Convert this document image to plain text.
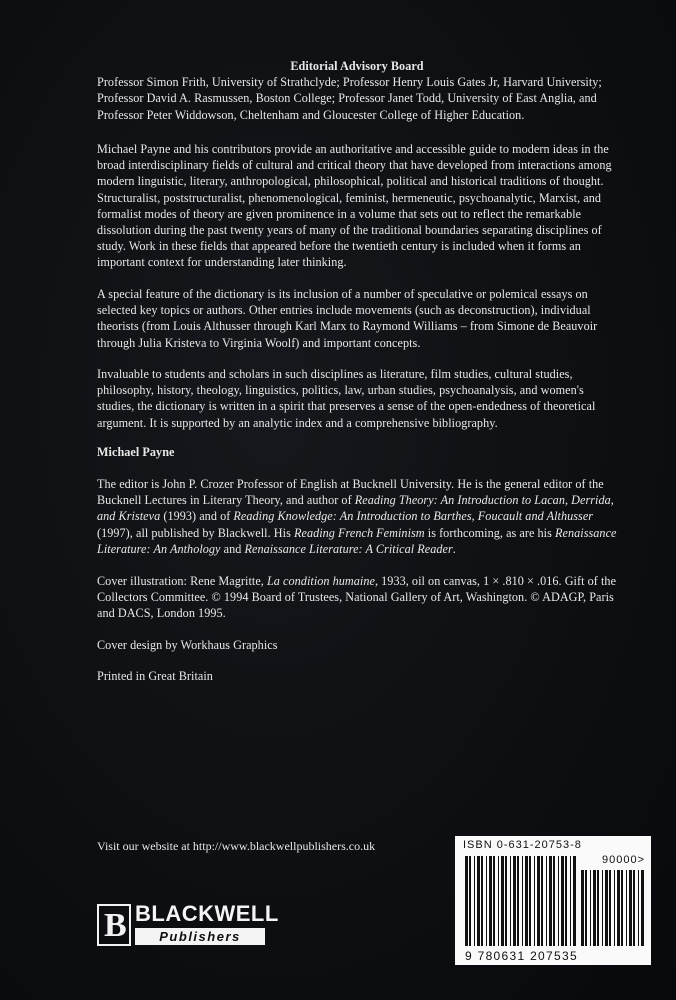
Editorial Advisory Board

Professor Simon Frith, University of Strathclyde; Professor Henry Louis Gates Jr, Harvard University; Professor David A. Rasmussen, Boston College; Professor Janet Todd, University of East Anglia, and Professor Peter Widdowson, Cheltenham and Gloucester College of Higher Education.

Michael Payne and his contributors provide an authoritative and accessible guide to modern ideas in the broad interdisciplinary fields of cultural and critical theory that have developed from interactions among modern linguistic, literary, anthropological, philosophical, political and historical traditions of thought. Structuralist, poststructuralist, phenomenological, feminist, hermeneutic, psychoanalytic, Marxist, and formalist modes of theory are given prominence in a volume that sets out to reflect the remarkable dissolution during the past twenty years of many of the traditional boundaries separating disciplines of study. Work in these fields that appeared before the twentieth century is included when it forms an important context for understanding later thinking.

A special feature of the dictionary is its inclusion of a number of speculative or polemical essays on selected key topics or authors. Other entries include movements (such as deconstruction), individual theorists (from Louis Althusser through Karl Marx to Raymond Williams – from Simone de Beauvoir through Julia Kristeva to Virginia Woolf) and important concepts.

Invaluable to students and scholars in such disciplines as literature, film studies, cultural studies, philosophy, history, theology, linguistics, politics, law, urban studies, psychoanalysis, and women's studies, the dictionary is written in a spirit that preserves a sense of the open-endedness of theoretical argument. It is supported by an analytic index and a comprehensive bibliography.

Michael Payne

The editor is John P. Crozer Professor of English at Bucknell University. He is the general editor of the Bucknell Lectures in Literary Theory, and author of Reading Theory: An Introduction to Lacan, Derrida, and Kristeva (1993) and of Reading Knowledge: An Introduction to Barthes, Foucault and Althusser (1997), all published by Blackwell. His Reading French Feminism is forthcoming, as are his Renaissance Literature: An Anthology and Renaissance Literature: A Critical Reader.

Cover illustration: Rene Magritte, La condition humaine, 1933, oil on canvas, 1 × .810 × .016. Gift of the Collectors Committee. © 1994 Board of Trustees, National Gallery of Art, Washington. © ADAGP, Paris and DACS, London 1995.

Cover design by Workhaus Graphics

Printed in Great Britain

Visit our website at http://www.blackwellpublishers.co.uk	ISBN 0-631-20753-8
90000>
9 780631 207535
B BLACKWELL
Publishers
